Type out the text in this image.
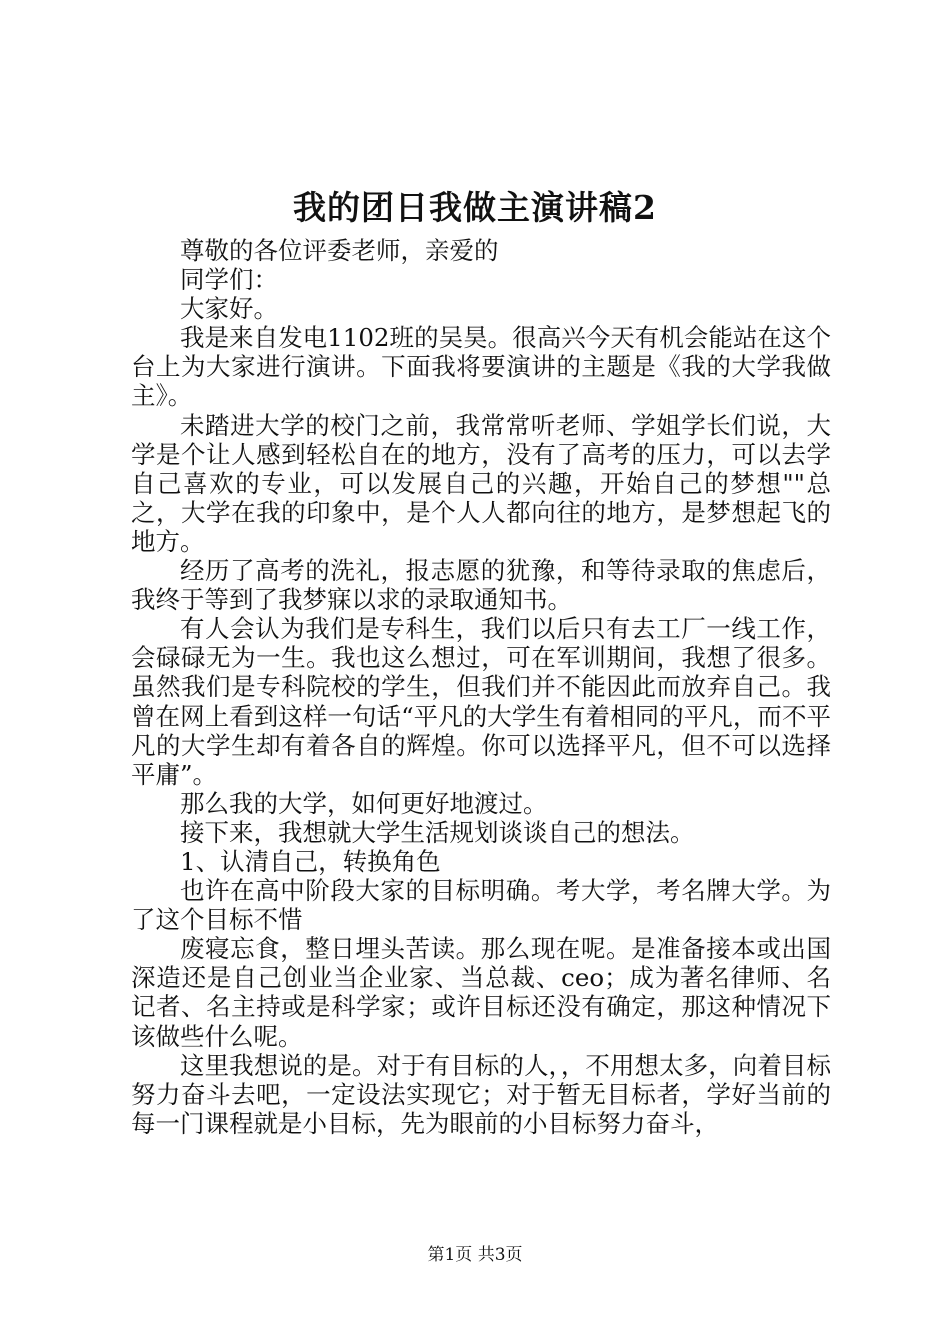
我的团日我做主演讲稿2

尊敬的各位评委老师，亲爱的

同学们：

大家好。

我是来自发电1102班的吴昊。很高兴今天有机会能站在这个台上为大家进行演讲。下面我将要演讲的主题是《我的大学我做主》。

未踏进大学的校门之前，我常常听老师、学姐学长们说，大学是个让人感到轻松自在的地方，没有了高考的压力，可以去学自己喜欢的专业，可以发展自己的兴趣，开始自己的梦想""总之，大学在我的印象中，是个人人都向往的地方，是梦想起飞的地方。

经历了高考的洗礼，报志愿的犹豫，和等待录取的焦虑后，我终于等到了我梦寐以求的录取通知书。

有人会认为我们是专科生，我们以后只有去工厂一线工作，会碌碌无为一生。我也这么想过，可在军训期间，我想了很多。虽然我们是专科院校的学生，但我们并不能因此而放弃自己。我曾在网上看到这样一句话“平凡的大学生有着相同的平凡，而不平凡的大学生却有着各自的辉煌。你可以选择平凡，但不可以选择平庸”。

那么我的大学，如何更好地渡过。

接下来，我想就大学生活规划谈谈自己的想法。

1、认清自己，转换角色

也许在高中阶段大家的目标明确。考大学，考名牌大学。为了这个目标不惜

废寝忘食，整日埋头苦读。那么现在呢。是准备接本或出国深造还是自己创业当企业家、当总裁、ceo；成为著名律师、名记者、名主持或是科学家；或许目标还没有确定，那这种情况下该做些什么呢。

这里我想说的是。对于有目标的人，，不用想太多，向着目标努力奋斗去吧，一定设法实现它；对于暂无目标者，学好当前的每一门课程就是小目标，先为眼前的小目标努力奋斗，

第1页 共3页
